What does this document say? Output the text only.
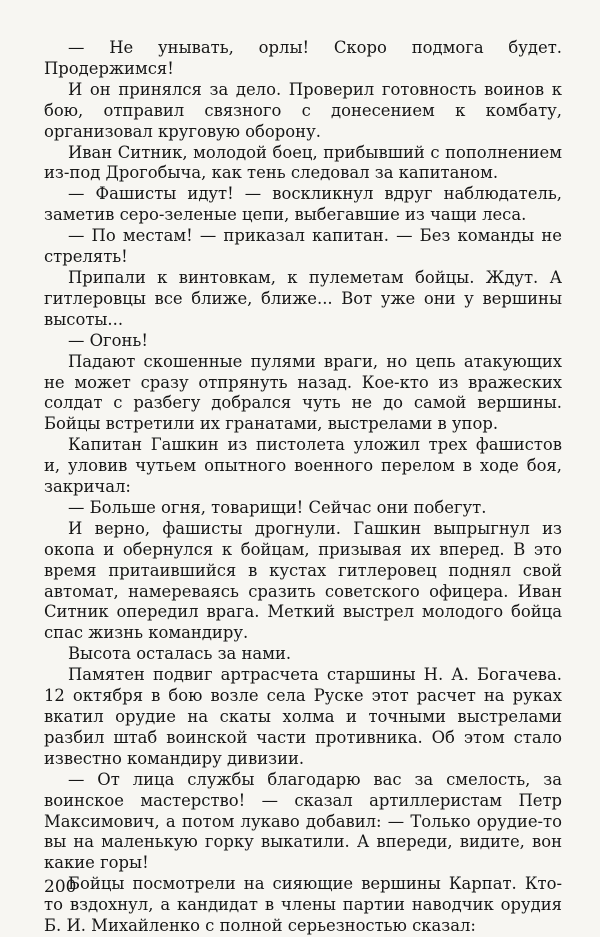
— Не унывать, орлы! Скоро подмога будет. Продержимся!

И он принялся за дело. Проверил готовность воинов к бою, отправил связного с донесением к комбату, организовал круговую оборону.

Иван Ситник, молодой боец, прибывший с пополнением из-под Дрогобыча, как тень следовал за капитаном.

— Фашисты идут! — воскликнул вдруг наблюдатель, заметив серо-зеленые цепи, выбегавшие из чащи леса.

— По местам! — приказал капитан. — Без команды не стрелять!

Припали к винтовкам, к пулеметам бойцы. Ждут. А гитлеровцы все ближе, ближе... Вот уже они у вершины высоты...

— Огонь!

Падают скошенные пулями враги, но цепь атакующих не может сразу отпрянуть назад. Кое-кто из вражеских солдат с разбегу добрался чуть не до самой вершины. Бойцы встретили их гранатами, выстрелами в упор.

Капитан Гашкин из пистолета уложил трех фашистов и, уловив чутьем опытного военного перелом в ходе боя, закричал:

— Больше огня, товарищи! Сейчас они побегут.

И верно, фашисты дрогнули. Гашкин выпрыгнул из окопа и обернулся к бойцам, призывая их вперед. В это время притаившийся в кустах гитлеровец поднял свой автомат, намереваясь сразить советского офицера. Иван Ситник опередил врага. Меткий выстрел молодого бойца спас жизнь командиру.

Высота осталась за нами.

Памятен подвиг артрасчета старшины Н. А. Богачева. 12 октября в бою возле села Руске этот расчет на руках вкатил орудие на скаты холма и точными выстрелами разбил штаб воинской части противника. Об этом стало известно командиру дивизии.

— От лица службы благодарю вас за смелость, за воинское мастерство! — сказал артиллеристам Петр Максимович, а потом лукаво добавил: — Только орудие-то вы на маленькую горку выкатили. А впереди, видите, вон какие горы!

Бойцы посмотрели на сияющие вершины Карпат. Кто-то вздохнул, а кандидат в члены партии наводчик орудия Б. И. Михайленко с полной серьезностью сказал:

200
